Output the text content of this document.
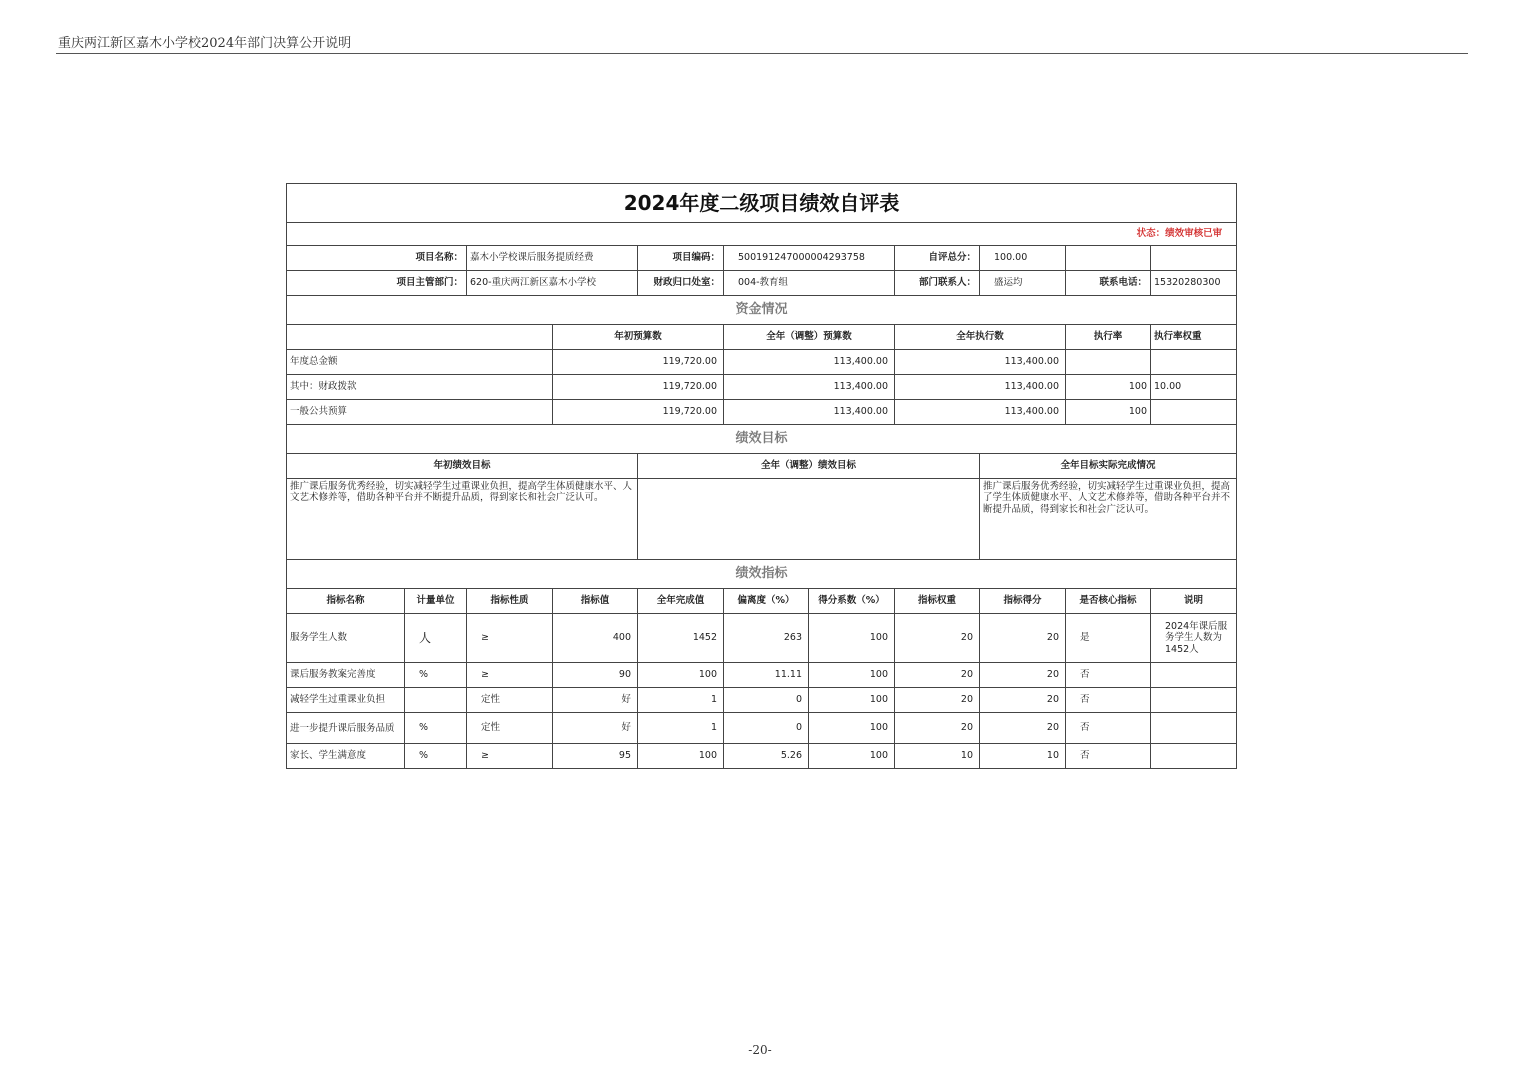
重庆两江新区嘉木小学校2024年部门决算公开说明
2024年度二级项目绩效自评表											
状态：绩效审核已审											
项目名称：		嘉木小学校课后服务提质经费		项目编码：	500191247000004293758		自评总分：	100.00			
项目主管部门：		620-重庆两江新区嘉木小学校		财政归口处室：	004-教育组		部门联系人：	盛运均	联系电话：	15320280300	
资金情况											
			年初预算数		全年（调整）预算数		全年执行数		执行率	执行率权重	
年度总金额			119,720.00		113,400.00		113,400.00				
其中：财政拨款			119,720.00		113,400.00		113,400.00		100	10.00	
一般公共预算			119,720.00		113,400.00		113,400.00		100		
绩效目标											
年初绩效目标				全年（调整）绩效目标				全年目标实际完成情况			
推广课后服务优秀经验，切实减轻学生过重课业负担，提高学生体质健康水平、人文艺术修养等，借助各种平台并不断提升品质，得到家长和社会广泛认可。								推广课后服务优秀经验，切实减轻学生过重课业负担，提高了学生体质健康水平、人文艺术修养等，借助各种平台并不断提升品质，得到家长和社会广泛认可。			
绩效指标											
指标名称	计量单位	指标性质	指标值	全年完成值	偏离度（%）	得分系数（%）	指标权重	指标得分	是否核心指标	说明	
服务学生人数	人	≥	400	1452	263	100	20	20	是	2024年课后服务学生人数为1452人	
课后服务教案完善度	%	≥	90	100	11.11	100	20	20	否		
减轻学生过重课业负担		定性	好	1	0	100	20	20	否		
进一步提升课后服务品质	%	定性	好	1	0	100	20	20	否		
家长、学生满意度	%	≥	95	100	5.26	100	10	10	否		
-20-
